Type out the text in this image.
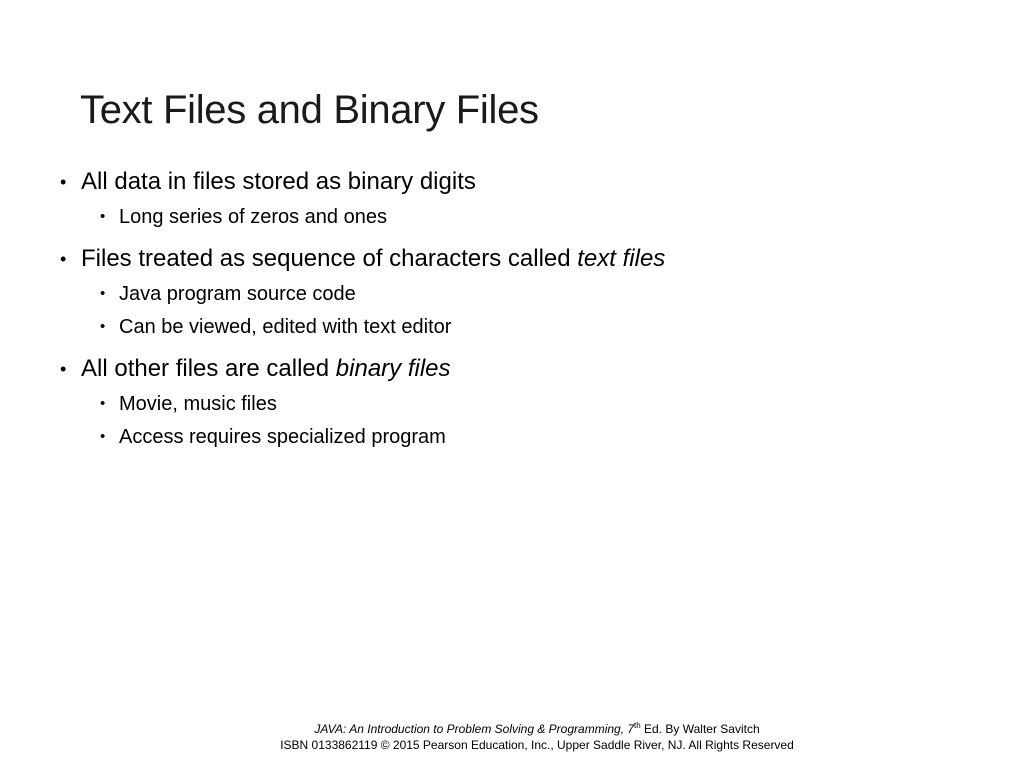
Text Files and Binary Files
• All data in files stored as binary digits
• Long series of zeros and ones
• Files treated as sequence of characters called text files
• Java program source code
• Can be viewed, edited with text editor
• All other files are called binary files
• Movie, music files
• Access requires specialized program
JAVA: An Introduction to Problem Solving & Programming, 7th Ed. By Walter Savitch
ISBN 0133862119 © 2015 Pearson Education, Inc., Upper Saddle River, NJ. All Rights Reserved
